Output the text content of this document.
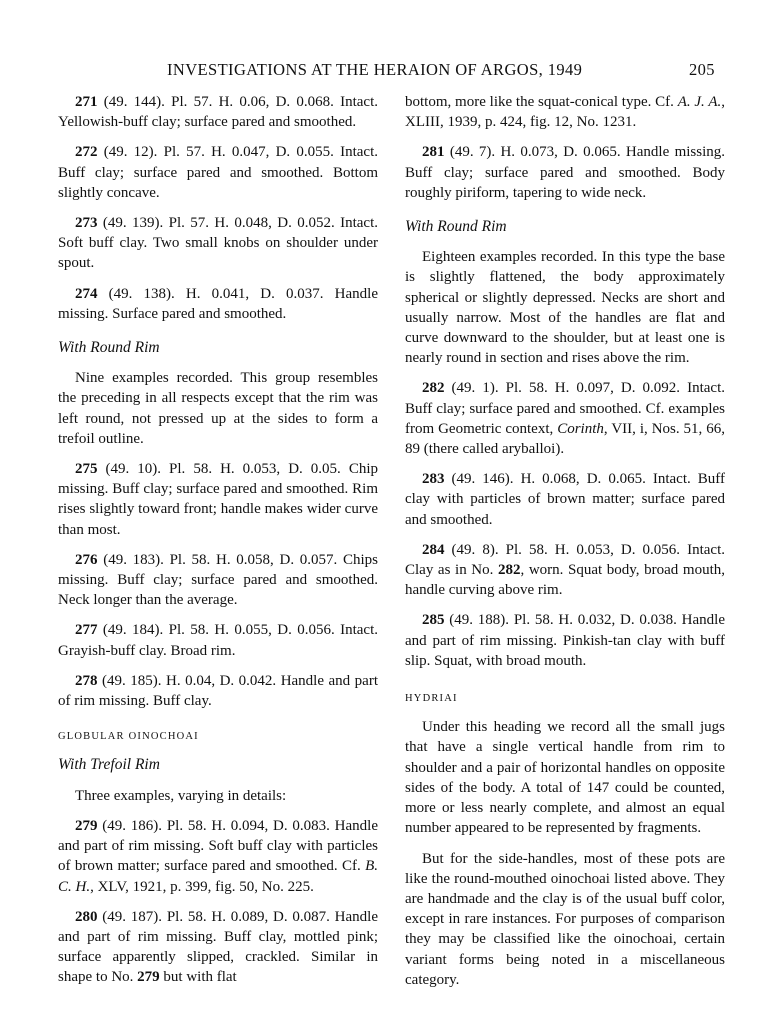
INVESTIGATIONS AT THE HERAION OF ARGOS, 1949	205

271 (49. 144). Pl. 57. H. 0.06, D. 0.068. Intact. Yellowish-buff clay; surface pared and smoothed.

272 (49. 12). Pl. 57. H. 0.047, D. 0.055. Intact. Buff clay; surface pared and smoothed. Bottom slightly concave.

273 (49. 139). Pl. 57. H. 0.048, D. 0.052. Intact. Soft buff clay. Two small knobs on shoulder under spout.

274 (49. 138). H. 0.041, D. 0.037. Handle missing. Surface pared and smoothed.

With Round Rim

Nine examples recorded. This group resembles the preceding in all respects except that the rim was left round, not pressed up at the sides to form a trefoil outline.

275 (49. 10). Pl. 58. H. 0.053, D. 0.05. Chip missing. Buff clay; surface pared and smoothed. Rim rises slightly toward front; handle makes wider curve than most.

276 (49. 183). Pl. 58. H. 0.058, D. 0.057. Chips missing. Buff clay; surface pared and smoothed. Neck longer than the average.

277 (49. 184). Pl. 58. H. 0.055, D. 0.056. Intact. Grayish-buff clay. Broad rim.

278 (49. 185). H. 0.04, D. 0.042. Handle and part of rim missing. Buff clay.

GLOBULAR OINOCHOAI
With Trefoil Rim

Three examples, varying in details:

279 (49. 186). Pl. 58. H. 0.094, D. 0.083. Handle and part of rim missing. Soft buff clay with particles of brown matter; surface pared and smoothed. Cf. B. C. H., XLV, 1921, p. 399, fig. 50, No. 225.

280 (49. 187). Pl. 58. H. 0.089, D. 0.087. Handle and part of rim missing. Buff clay, mottled pink; surface apparently slipped, crackled. Similar in shape to No. 279 but with flat

bottom, more like the squat-conical type. Cf. A. J. A., XLIII, 1939, p. 424, fig. 12, No. 1231.

281 (49. 7). H. 0.073, D. 0.065. Handle missing. Buff clay; surface pared and smoothed. Body roughly piriform, tapering to wide neck.

With Round Rim

Eighteen examples recorded. In this type the base is slightly flattened, the body approximately spherical or slightly depressed. Necks are short and usually narrow. Most of the handles are flat and curve downward to the shoulder, but at least one is nearly round in section and rises above the rim.

282 (49. 1). Pl. 58. H. 0.097, D. 0.092. Intact. Buff clay; surface pared and smoothed. Cf. examples from Geometric context, Corinth, VII, i, Nos. 51, 66, 89 (there called aryballoi).

283 (49. 146). H. 0.068, D. 0.065. Intact. Buff clay with particles of brown matter; surface pared and smoothed.

284 (49. 8). Pl. 58. H. 0.053, D. 0.056. Intact. Clay as in No. 282, worn. Squat body, broad mouth, handle curving above rim.

285 (49. 188). Pl. 58. H. 0.032, D. 0.038. Handle and part of rim missing. Pinkish-tan clay with buff slip. Squat, with broad mouth.

HYDRIAI

Under this heading we record all the small jugs that have a single vertical handle from rim to shoulder and a pair of horizontal handles on opposite sides of the body. A total of 147 could be counted, more or less nearly complete, and almost an equal number appeared to be represented by fragments.

But for the side-handles, most of these pots are like the round-mouthed oinochoai listed above. They are handmade and the clay is of the usual buff color, except in rare instances. For purposes of comparison they may be classified like the oinochoai, certain variant forms being noted in a miscellaneous category.
